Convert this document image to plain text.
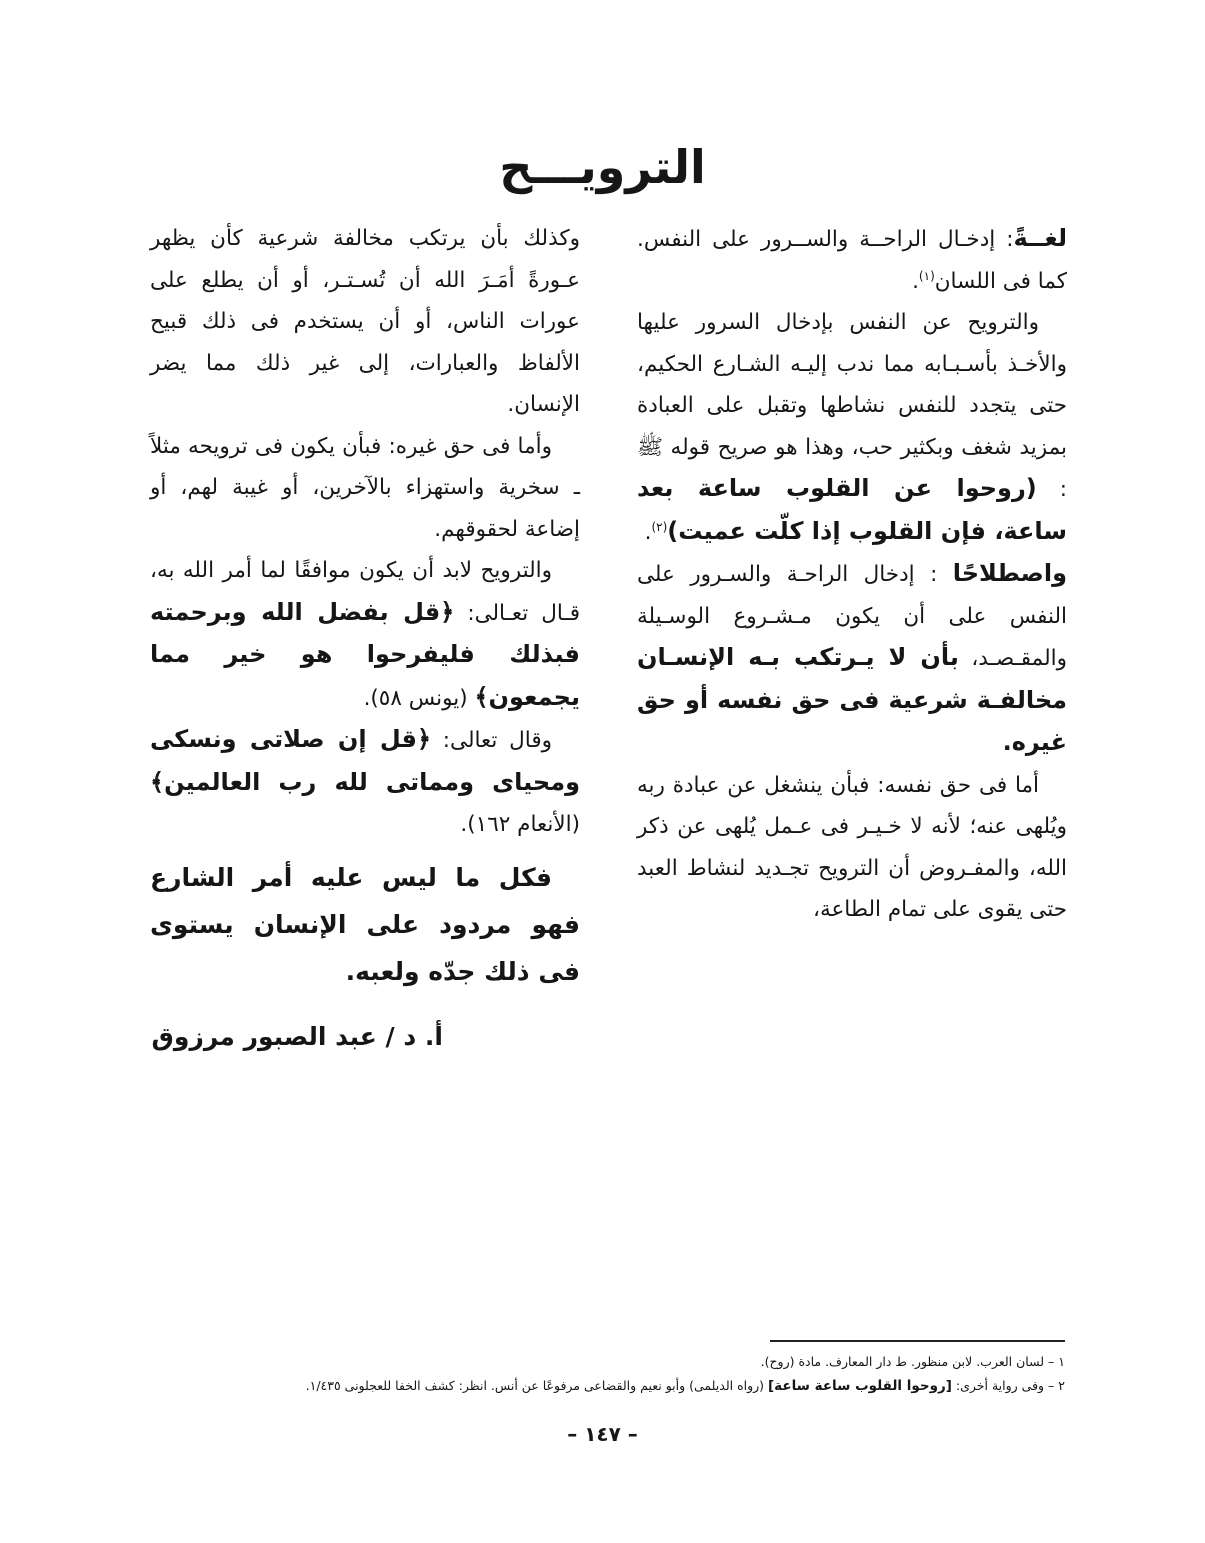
الترويـــح

لغــةً: إدخـال الراحــة والســرور على النفس. كما فى اللسان$^{(١)}$.

والترويح عن النفس بإدخال السرور عليها والأخـذ بأسـبـابه مما ندب إليـه الشـارع الحكيم، حتى يتجدد للنفس نشاطها وتقبل على العبادة بمزيد شغف وبكثير حب، وهذا هو صريح قوله ﷺ : (روحوا عن القلوب ساعة بعد ساعة، فإن القلوب إذا كلّت عميت)$^{(٢)}$.

واصطلاحًا : إدخال الراحـة والسـرور على النفس على أن يكون مـشـروع الوسـيلة والمقـصـد، بأن لا يـرتكب بـه الإنسـان مخالفـة شرعية فى حق نفسه أو حق غيره.

أما فى حق نفسه: فبأن ينشغل عن عبادة ربه ويُلهى عنه؛ لأنه لا خـيـر فى عـمل يُلهى عن ذكر الله، والمفـروض أن الترويح تجـديد لنشاط العبد حتى يقوى على تمام الطاعة،

وكذلك بأن يرتكب مخالفة شرعية كأن يظهر عـورةً أمَـرَ الله أن تُسـتـر، أو أن يطلع على عورات الناس، أو أن يستخدم فى ذلك قبيح الألفاظ والعبارات، إلى غير ذلك مما يضر الإنسان.

وأما فى حق غيره: فبأن يكون فى ترويحه مثلاً ـ سخرية واستهزاء بالآخرين، أو غيبة لهم، أو إضاعة لحقوقهم.

والترويح لابد أن يكون موافقًا لما أمر الله به، قـال تعـالى: ﴿قل بفضل الله وبرحمته فبذلك فليفرحوا هو خير مما يجمعون﴾ (يونس ٥٨).

وقال تعالى: ﴿قل إن صلاتى ونسكى ومحياى ومماتى لله رب العالمين﴾ (الأنعام ١٦٢).

فكل ما ليس عليه أمر الشارع فهو مردود على الإنسان يستوى فى ذلك جدّه ولعبه.

أ. د / عبد الصبور مرزوق

١ – لسان العرب. لابن منظور. ط دار المعارف. مادة (روح).

٢ – وفى رواية أخرى: [روحوا القلوب ساعة ساعة] (رواه الديلمى) وأبو نعيم والقضاعى مرفوعًا عن أنس. انظر: كشف الخفا للعجلونى ١/٤٣٥.

– ١٤٧ –
